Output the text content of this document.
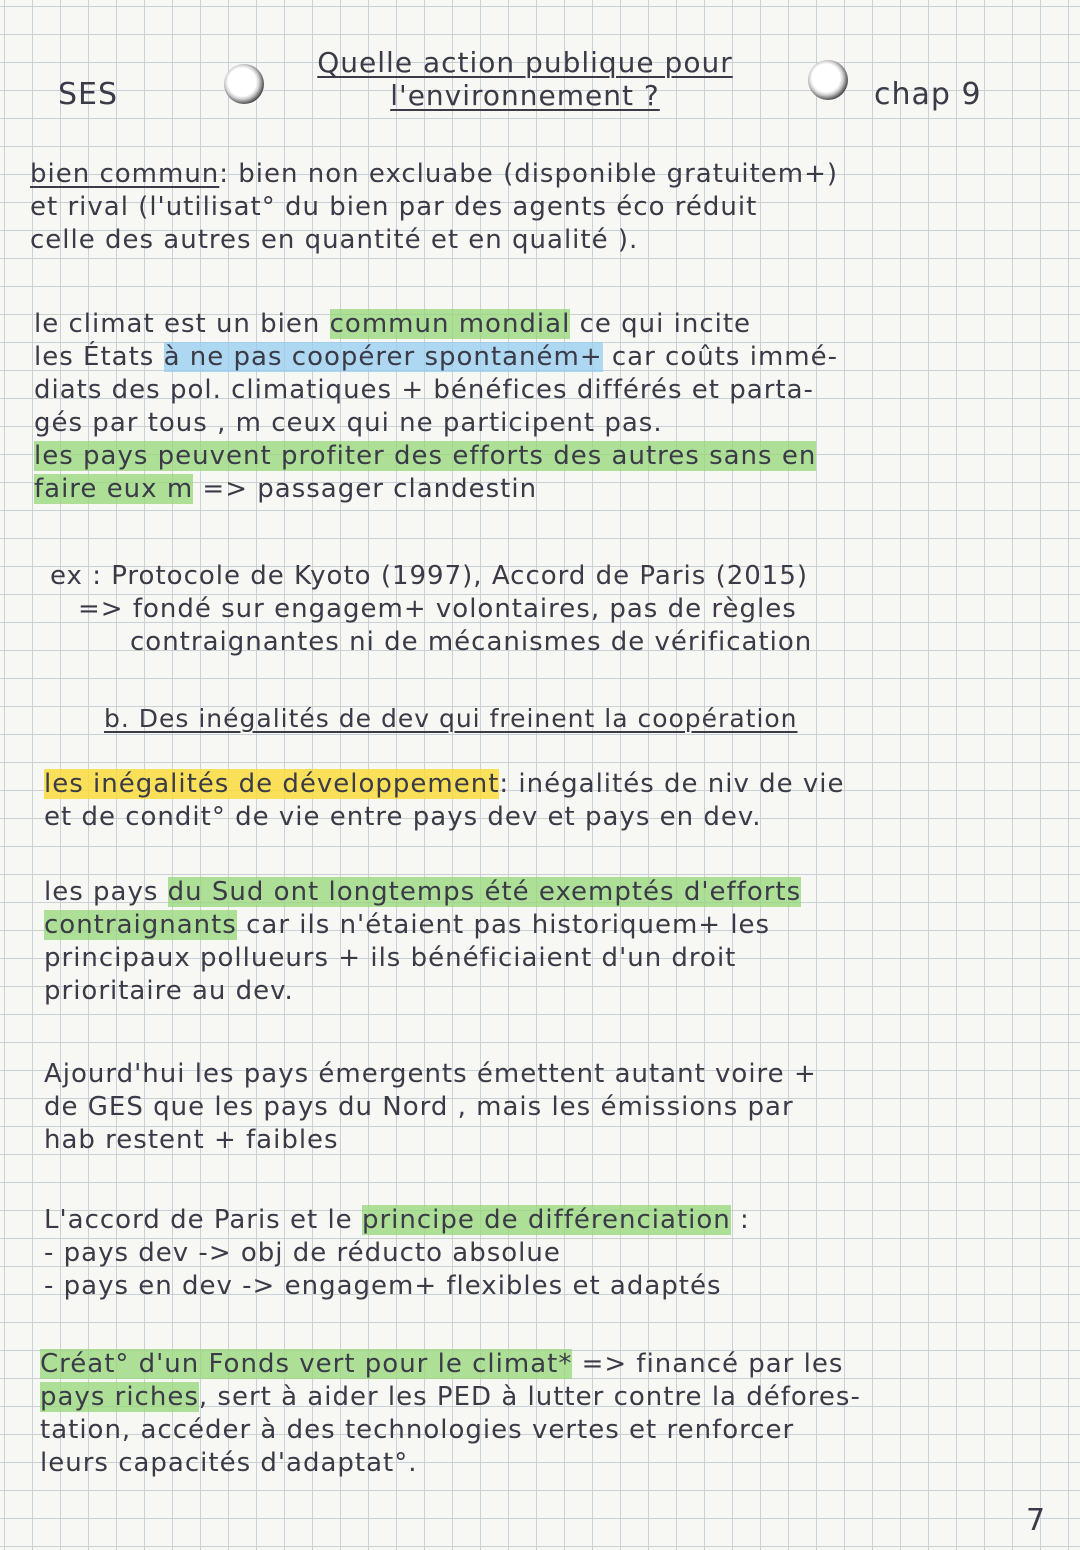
SES
Quelle action publique pour
l'environnement ?	chap 9
bien commun: bien non excluabe (disponible gratuitem+)
et rival (l'utilisat° du bien par des agents éco réduit
celle des autres en quantité et en qualité ).
le climat est un bien commun mondial ce qui incite
les États à ne pas coopérer spontaném+ car coûts immé-
diats des pol. climatiques + bénéfices différés et parta-
gés par tous , m ceux qui ne participent pas.
les pays peuvent profiter des efforts des autres sans en
faire eux m => passager clandestin
ex : Protocole de Kyoto (1997), Accord de Paris (2015)
=> fondé sur engagem+ volontaires, pas de règles
contraignantes ni de mécanismes de vérification
b. Des inégalités de dev qui freinent la coopération
les inégalités de développement: inégalités de niv de vie
et de condit° de vie entre pays dev et pays en dev.
les pays du Sud ont longtemps été exemptés d'efforts
contraignants car ils n'étaient pas historiquem+ les
principaux pollueurs + ils bénéficiaient d'un droit
prioritaire au dev.
Ajourd'hui les pays émergents émettent autant voire +
de GES que les pays du Nord , mais les émissions par
hab restent + faibles
L'accord de Paris et le principe de différenciation :
- pays dev -> obj de réducto absolue
- pays en dev -> engagem+ flexibles et adaptés
Créat° d'un Fonds vert pour le climat* => financé par les
pays riches, sert à aider les PED à lutter contre la défores-
tation, accéder à des technologies vertes et renforcer
leurs capacités d'adaptat°.
7
